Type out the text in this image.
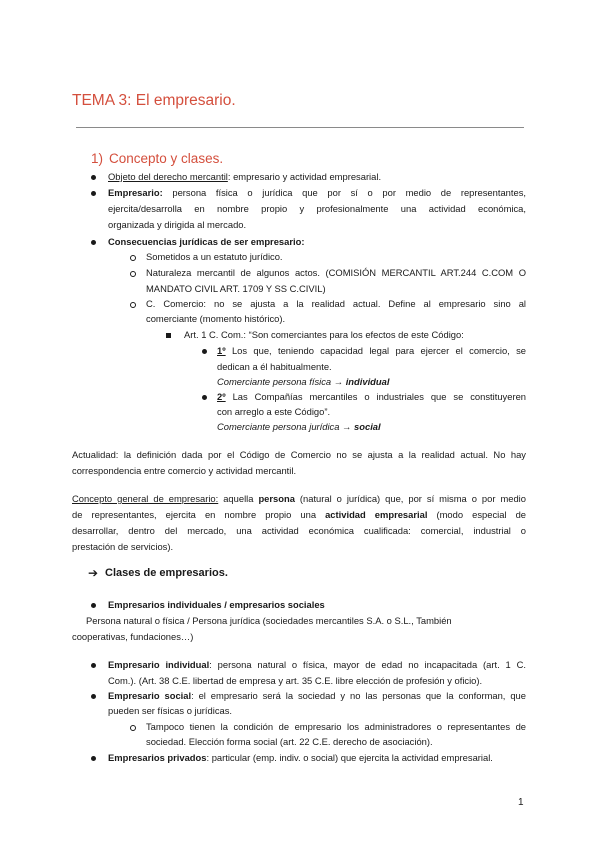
TEMA 3: El empresario.
1) Concepto y clases.
Objeto del derecho mercantil: empresario y actividad empresarial.
Empresario: persona física o jurídica que por sí o por medio de representantes,
ejercita/desarrolla en nombre propio y profesionalmente una actividad económica,
organizada y dirigida al mercado.
Consecuencias jurídicas de ser empresario:
Sometidos a un estatuto jurídico.
Naturaleza mercantil de algunos actos. (COMISIÓN MERCANTIL ART.244 C.COM O
MANDATO CIVIL ART. 1709 Y SS C.CIVIL)
C. Comercio: no se ajusta a la realidad actual. Define al empresario sino al
comerciante (momento histórico).
Art. 1 C. Com.: “Son comerciantes para los efectos de este Código:
1º Los que, teniendo capacidad legal para ejercer el comercio, se
dedican a él habitualmente.
Comerciante persona física → individual
2º Las Compañías mercantiles o industriales que se constituyeren
con arreglo a este Código”.
Comerciante persona jurídica → social
Actualidad: la definición dada por el Código de Comercio no se ajusta a la realidad actual. No hay
correspondencia entre comercio y actividad mercantil.
Concepto general de empresario: aquella persona (natural o jurídica) que, por sí misma o por medio
de representantes, ejercita en nombre propio una actividad empresarial (modo especial de
desarrollar, dentro del mercado, una actividad económica cualificada: comercial, industrial o
prestación de servicios).
➔ Clases de empresarios.
Empresarios individuales / empresarios sociales
Persona natural o física / Persona jurídica (sociedades mercantiles S.A. o S.L., También
cooperativas, fundaciones…)
Empresario individual: persona natural o física, mayor de edad no incapacitada (art. 1 C.
Com.). (Art. 38 C.E. libertad de empresa y art. 35 C.E. libre elección de profesión y oficio).
Empresario social: el empresario será la sociedad y no las personas que la conforman, que
pueden ser físicas o jurídicas.
Tampoco tienen la condición de empresario los administradores o representantes de
sociedad. Elección forma social (art. 22 C.E. derecho de asociación).
Empresarios privados: particular (emp. indiv. o social) que ejercita la actividad empresarial.
1
